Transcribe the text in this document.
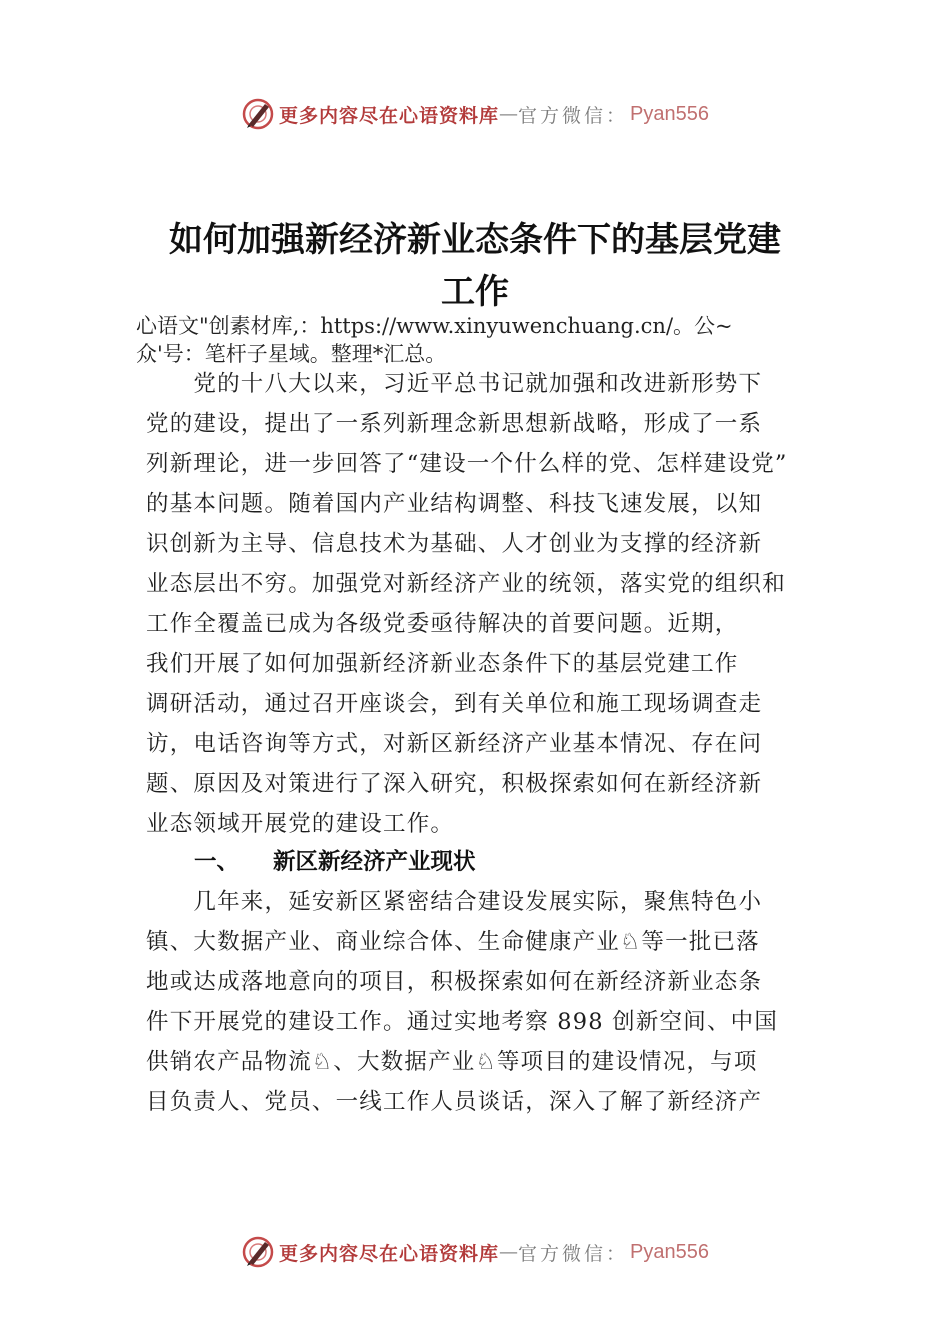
更多内容尽在心语资料库 — 官方微信： Pyan556
如何加强新经济新业态条件下的基层党建
工作
心语文"创素材库,：https://www.xinyuwenchuang.cn/。公~
众'号：笔杆子星域。整理*汇总。
　　党的十八大以来，习近平总书记就加强和改进新形势下
党的建设，提出了一系列新理念新思想新战略，形成了一系
列新理论，进一步回答了“建设一个什么样的党、怎样建设党”
的基本问题。随着国内产业结构调整、科技飞速发展，以知
识创新为主导、信息技术为基础、人才创业为支撑的经济新
业态层出不穷。加强党对新经济产业的统领，落实党的组织和
工作全覆盖已成为各级党委亟待解决的首要问题。近期，
我们开展了如何加强新经济新业态条件下的基层党建工作
调研活动，通过召开座谈会，到有关单位和施工现场调查走
访，电话咨询等方式，对新区新经济产业基本情况、存在问
题、原因及对策进行了深入研究，积极探索如何在新经济新
业态领域开展党的建设工作。
一、 新区新经济产业现状
　　几年来，延安新区紧密结合建设发展实际，聚焦特色小
镇、大数据产业、商业综合体、生命健康产业♘等一批已落
地或达成落地意向的项目，积极探索如何在新经济新业态条
件下开展党的建设工作。通过实地考察 898 创新空间、中国
供销农产品物流♘、大数据产业♘等项目的建设情况，与项
目负责人、党员、一线工作人员谈话，深入了解了新经济产
更多内容尽在心语资料库 — 官方微信： Pyan556
